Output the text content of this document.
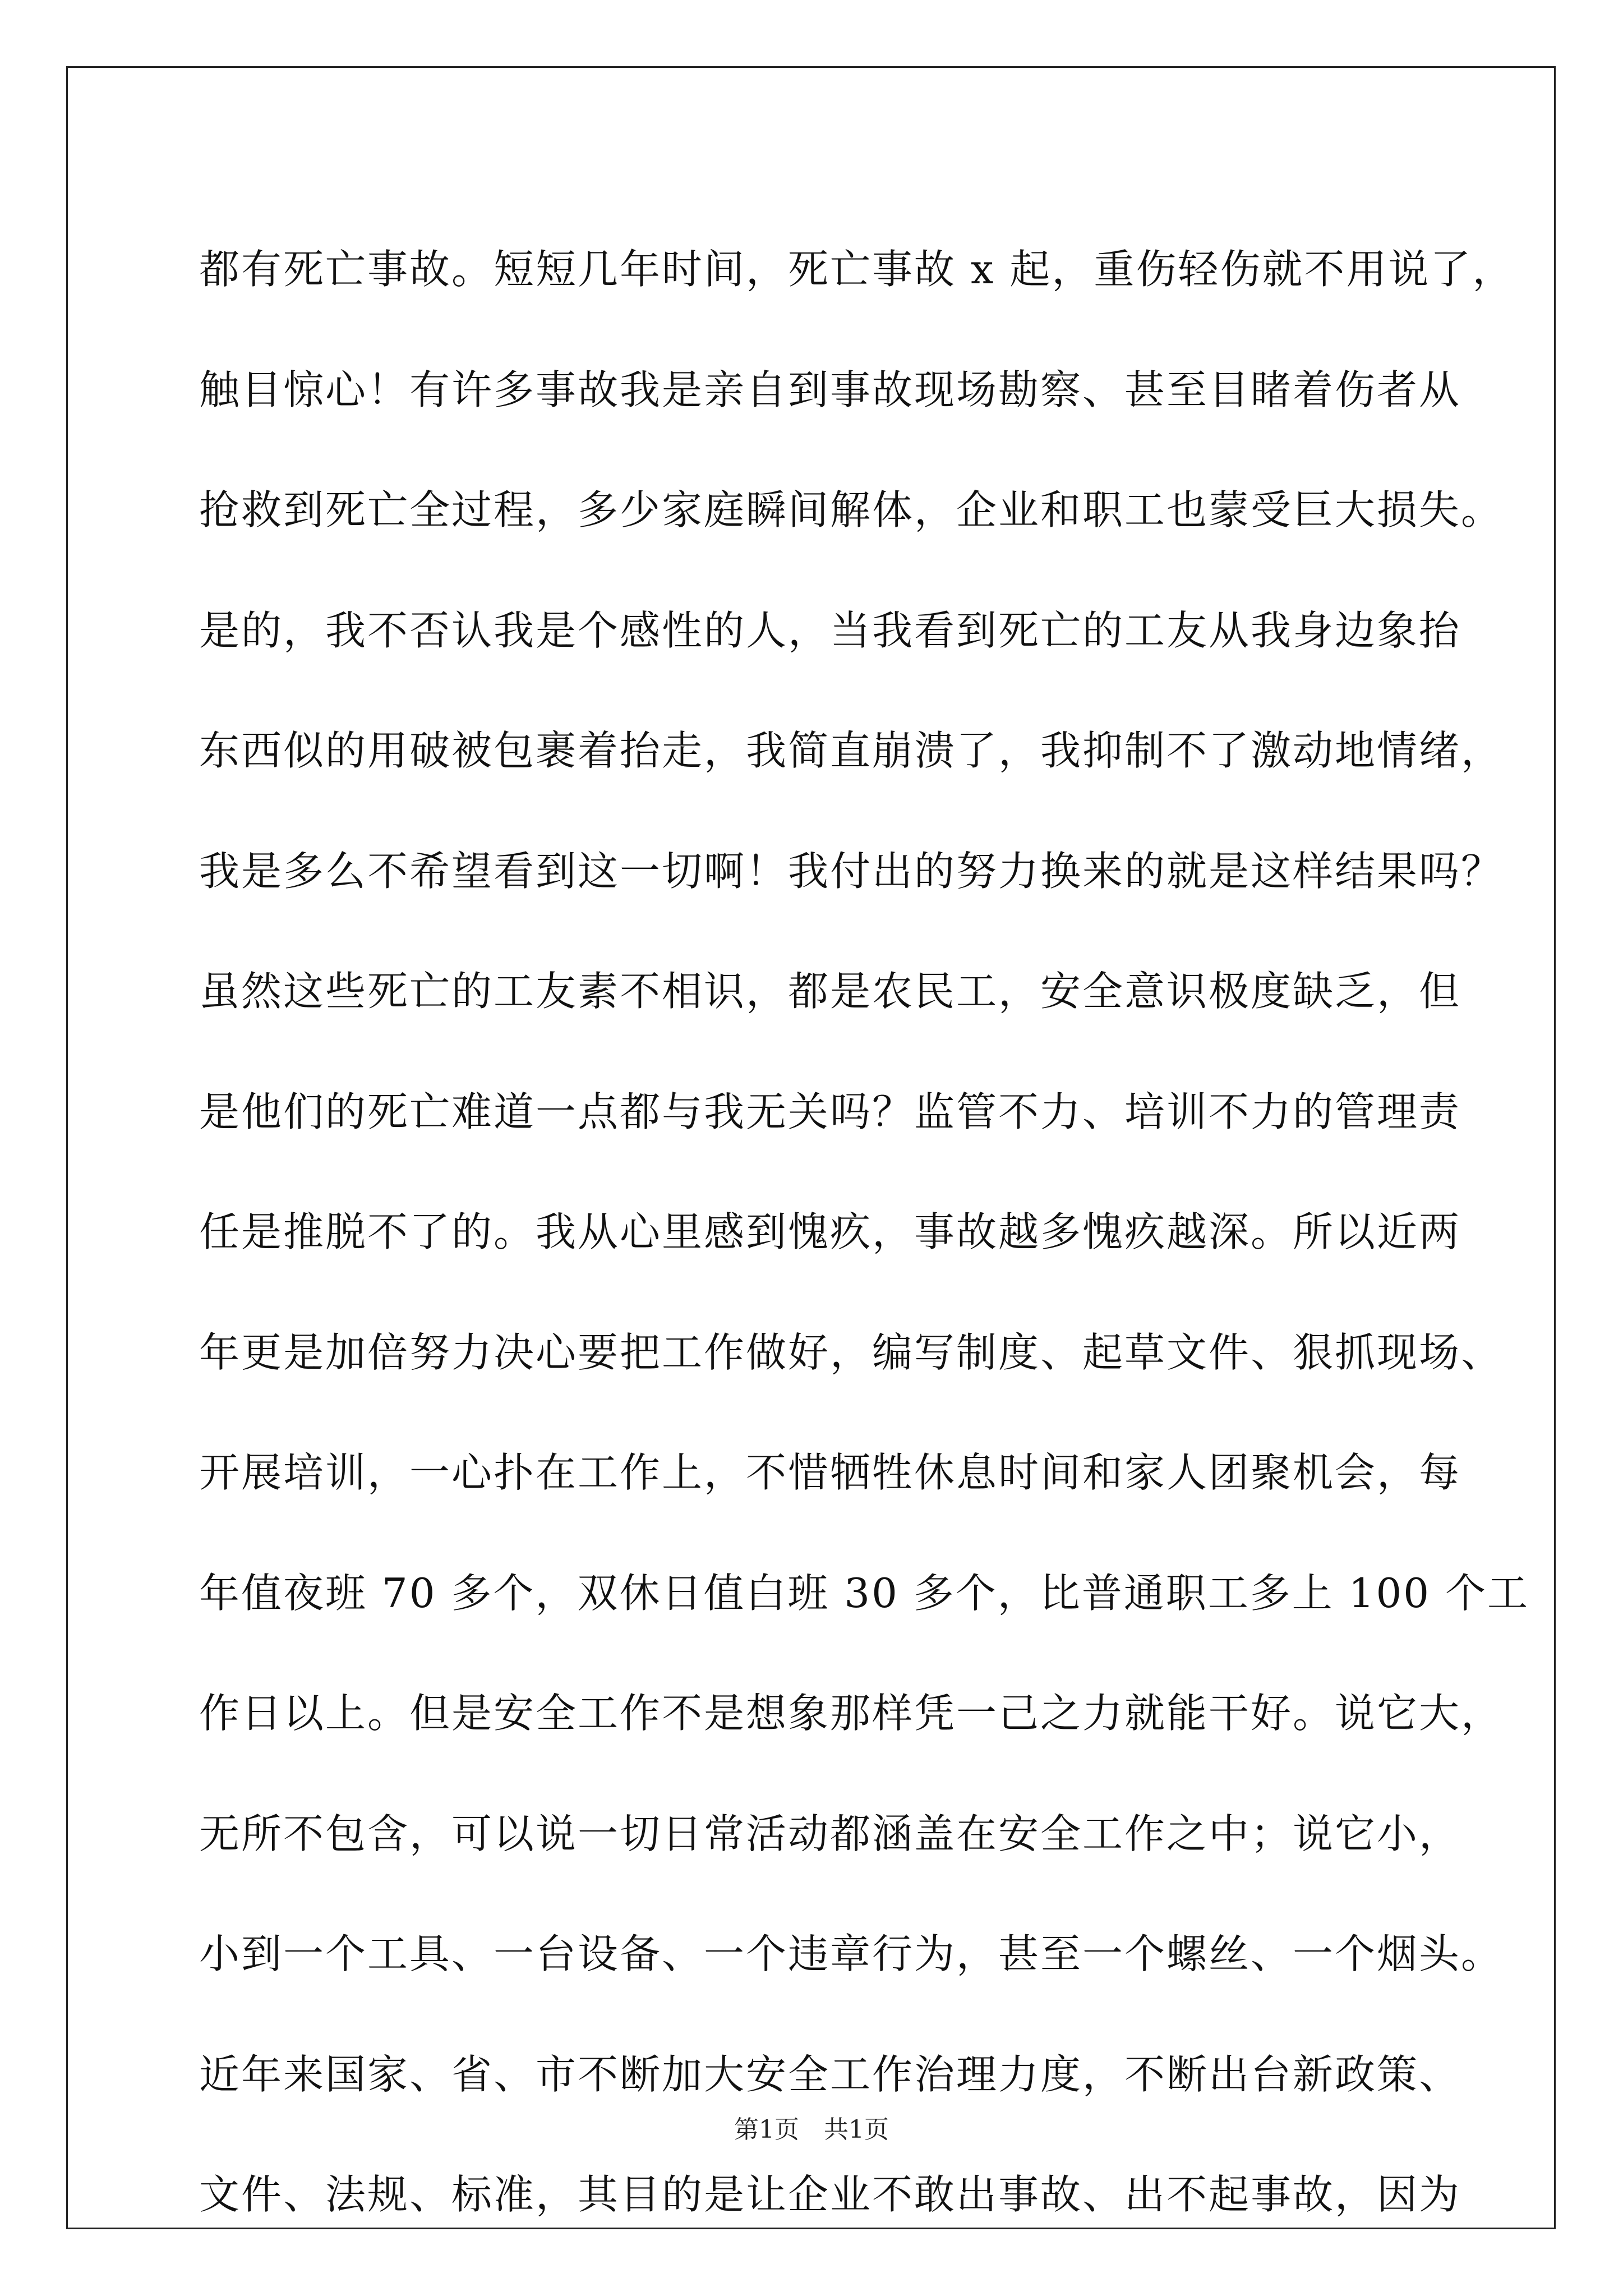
都有死亡事故。短短几年时间，死亡事故 x 起，重伤轻伤就不用说了，
触目惊心！有许多事故我是亲自到事故现场勘察、甚至目睹着伤者从
抢救到死亡全过程，多少家庭瞬间解体，企业和职工也蒙受巨大损失。
是的，我不否认我是个感性的人，当我看到死亡的工友从我身边象抬
东西似的用破被包裹着抬走，我简直崩溃了，我抑制不了激动地情绪，
我是多么不希望看到这一切啊！我付出的努力换来的就是这样结果吗？
虽然这些死亡的工友素不相识，都是农民工，安全意识极度缺乏，但
是他们的死亡难道一点都与我无关吗？监管不力、培训不力的管理责
任是推脱不了的。我从心里感到愧疚，事故越多愧疚越深。所以近两
年更是加倍努力决心要把工作做好，编写制度、起草文件、狠抓现场、
开展培训，一心扑在工作上，不惜牺牲休息时间和家人团聚机会，每
年值夜班 70 多个，双休日值白班 30 多个，比普通职工多上 100 个工
作日以上。但是安全工作不是想象那样凭一己之力就能干好。说它大，
无所不包含，可以说一切日常活动都涵盖在安全工作之中；说它小，
小到一个工具、一台设备、一个违章行为，甚至一个螺丝、一个烟头。
近年来国家、省、市不断加大安全工作治理力度，不断出台新政策、
文件、法规、标准，其目的是让企业不敢出事故、出不起事故，因为
第1页　共1页
